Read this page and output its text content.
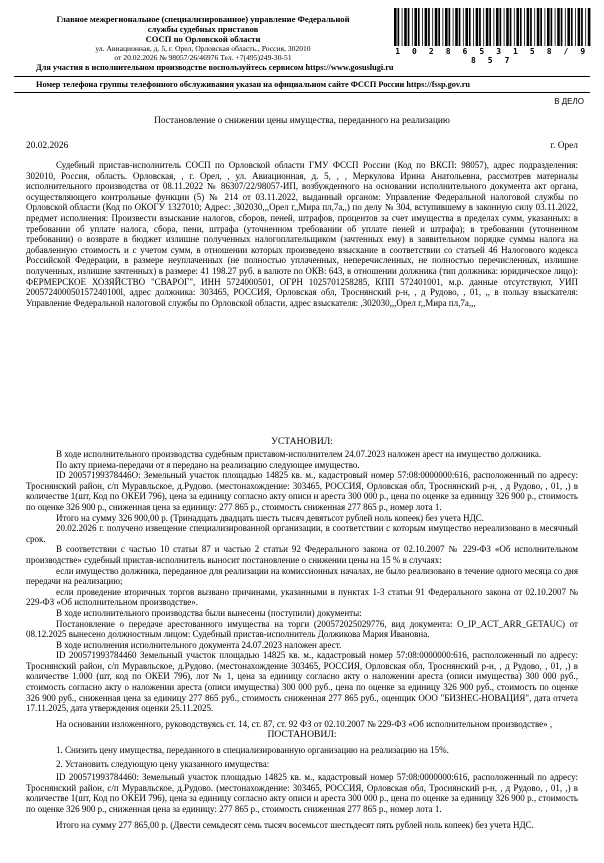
Главное межрегиональное (специализированное) управление Федеральной
службы судебных приставов
СОСП по Орловской области
ул. Авиационная, д. 5, г. Орел, Орловская область., Россия, 302010
от 20.02.2026 № 98057/26/46976 Тел. +7(495)249-30-51
1 0 2 8 6 5 3 1 5 8 / 9 8 5 7
Для участия в исполнительном производстве воспользуйтесь сервисом https://www.gosuslugi.ru
Номер телефона группы телефонного обслуживания указан на официальном сайте ФССП России https://fssp.gov.ru
В ДЕЛО
Постановление о снижении цены имущества, переданного на реализацию
20.02.2026	г. Орел

Судебный пристав-исполнитель СОСП по Орловской области ГМУ ФССП России (Код по ВКСП: 98057), адрес подразделения: 302010, Россия, область. Орловская, , г. Орел, , ул. Авиационная, д. 5, , , Меркулова Ирина Анатольевна, рассмотрев материалы исполнительного производства от 08.11.2022 № 86307/22/98057-ИП, возбужденного на основании исполнительного документа акт органа, осуществляющего контрольные функции (5) № 214 от 03.11.2022, выданный органом: Управление Федеральной налоговой службы по Орловской области (Код по ОКОГУ 1327010; Адрес: ,302030,,,Орел г,,Мира пл,7а,,) по делу № 304, вступившему в законную силу 03.11.2022, предмет исполнения: Произвести взыскание налогов, сборов, пеней, штрафов, процентов за счет имущества в пределах сумм, указанных: в требовании об уплате налога, сбора, пени, штрафа (уточненном требовании об уплате пеней и штрафа); в требовании (уточненном требовании) о возврате в бюджет излишне полученных налогоплательщиком (зачтенных ему) в заявительном порядке суммы налога на добавленную стоимость и с учетом сумм, в отношении которых произведено взыскание в соответствии со статьей 46 Налогового кодекса Российской Федерации, в размере неуплаченных (не полностью уплаченных, неперечисленных, не полностью перечисленных, излишне полученных, излишне зачтенных) в размере: 41 198.27 руб. в валюте по ОКВ: 643, в отношении должника (тип должника: юридическое лицо): ФЕРМЕРСКОЕ ХОЗЯЙСТВО "СВАРОГ", ИНН 5724000501, ОГРН 1025701258285, КПП 572401001, м.р. данные отсутствуют, УИП 200572400050157240100l, адрес должника: 303465, РОССИЯ, Орловская обл, Троснянский р-н, , д Рудово, , 01, ,, в пользу взыскателя: Управление Федеральной налоговой службы по Орловской области, адрес взыскателя: ,302030,,,Орел г,,Мира пл,7а,,,

УСТАНОВИЛ:

В ходе исполнительного производства судебным приставом-исполнителем 24.07.2023 наложен арест на имущество должника.

По акту приема-передачи от я передано на реализацию следующее имущество.

ID 20057199378446О: Земельный участок площадью 14825 кв. м., кадастровый номер 57:08:0000000:616, расположенный по адресу: Троснянский район, с/п Муравльское, д.Рудово. (местонахождение: 303465, РОССИЯ, Орловская обл, Троснянский р-н, , д Рудово, , 01, ,) в количестве 1(шт, Код по ОКЕИ 796), цена за единицу согласно акту описи и ареста 300 000 р., цена по оценке за единицу 326 900 р., стоимость по оценке 326 900 р., сниженная цена за единицу: 277 865 р., стоимость сниженная 277 865 р., номер лота 1.

Итого на сумму 326 900,00 р. (Тринадцать двадцать шесть тысяч девятьсот рублей ноль копеек) без учета НДС.

20.02.2026 г. получено извещение специализированной организации, в соответствии с которым имущество нереализовано в месячный срок.

В соответствии с частью 10 статьи 87 и частью 2 статьи 92 Федерального закона от 02.10.2007 № 229-ФЗ «Об исполнительном производстве» судебный пристав-исполнитель выносит постановление о снижении цены на 15 % в случаях:

если имущество должника, переданное для реализации на комиссионных началах, не было реализовано в течение одного месяца со дня передачи на реализацию;

если проведение вторичных торгов вызвано причинами, указанными в пунктах 1-3 статьи 91 Федерального закона от 02.10.2007 № 229-ФЗ «Об исполнительном производстве».

В ходе исполнительного производства были вынесены (поступили) документы:

Постановление о передаче арестованного имущества на торги (200572025029776, вид документа: O_IP_ACT_ARR_GETAUC) от 08.12.2025 вынесено должностным лицом: Судебный пристав-исполнитель Должикова Мария Ивановна.

В ходе исполнения исполнительного документа 24.07.2023 наложен арест.

ID 200571993784460 Земельный участок площадью 14825 кв. м., кадастровый номер 57:08:0000000:616, расположенный по адресу: Троснянский район, с/п Муравльское, д.Рудово. (местонахождение 303465, РОССИЯ, Орловская обл, Троснянский р-н, , д Рудово, , 01, ,) в количестве 1.000 (шт, код по ОКЕИ 796), лот № 1, цена за единицу согласно акту о наложении ареста (описи имущества) 300 000 руб., стоимость согласно акту о наложении ареста (описи имущества) 300 000 руб., цена по оценке за единицу 326 900 руб., стоимость по оценке 326 900 руб., сниженная цена за единицу 277 865 руб., стоимость сниженная 277 865 руб., оценщик ООО "БИЗНЕС-НОВАЦИЯ", дата отчета 17.11.2025, дата утверждения оценки 25.11.2025.

На основании изложенного, руководствуясь ст. 14, ст. 87, ст. 92 ФЗ от 02.10.2007 № 229-ФЗ «Об исполнительном производстве» ,

ПОСТАНОВИЛ:

1. Снизить цену имущества, переданного в специализированную организацию на реализацию на 15%.

2. Установить следующую цену указанного имущества:

ID 200571993784460: Земельный участок площадью 14825 кв. м., кадастровый номер 57:08:0000000:616, расположенный по адресу: Троснянский район, с/п Муравльское, д.Рудово. (местонахождение: 303465, РОССИЯ, Орловская обл, Троснянский р-н, , д Рудово, , 01, ,) в количестве 1(шт, Код по ОКЕИ 796), цена за единицу согласно акту описи и ареста 300 000 р., цена по оценке за единицу 326 900 р., стоимость по оценке 326 900 р., сниженная цена за единицу: 277 865 р., стоимость сниженная 277 865 р., номер лота 1.

Итого на сумму 277 865,00 р. (Двести семьдесят семь тысяч восемьсот шестьдесят пять рублей ноль копеек) без учета НДС.
